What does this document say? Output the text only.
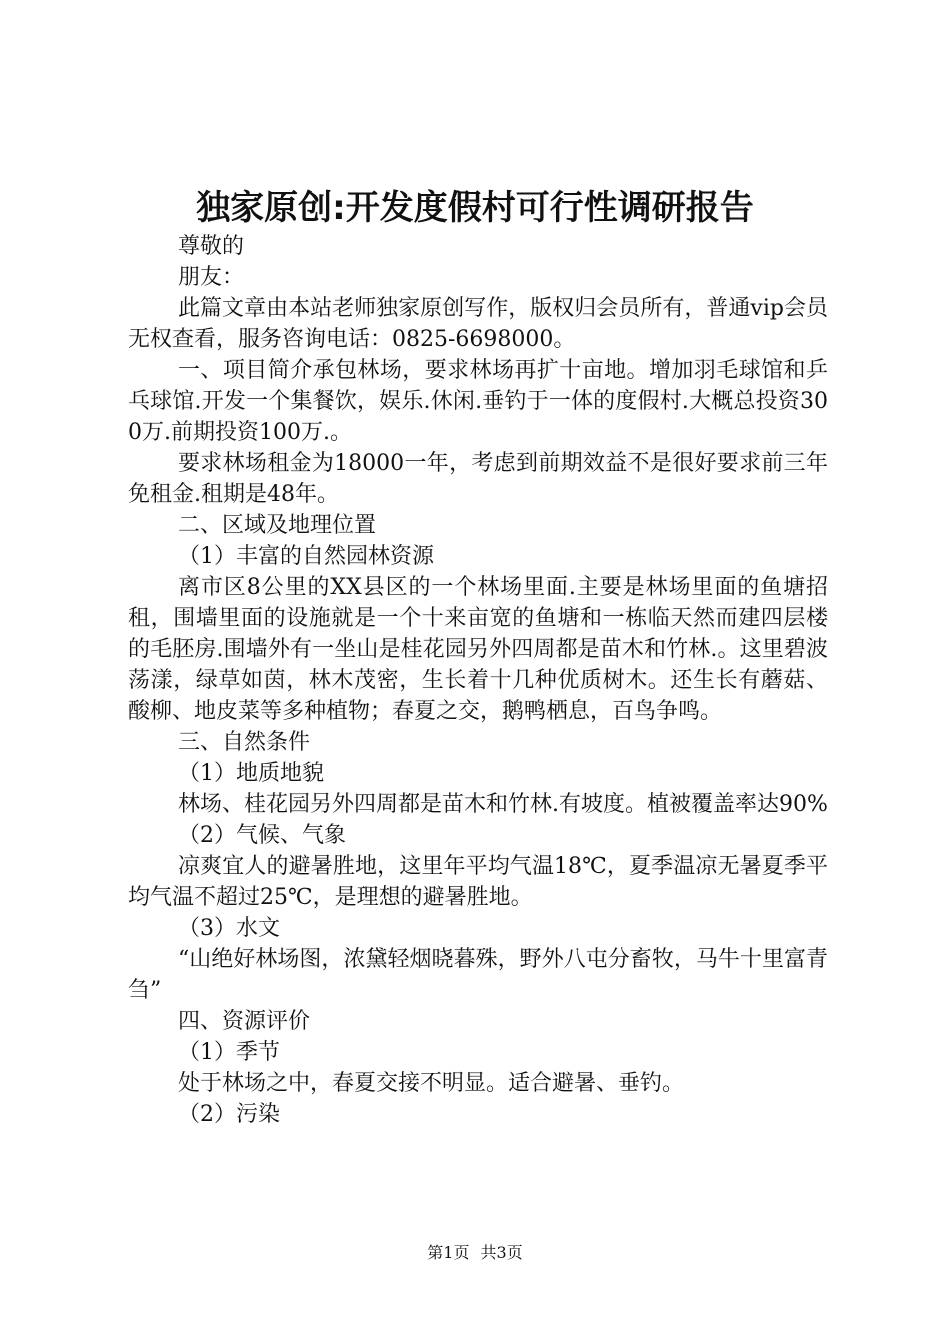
独家原创:开发度假村可行性调研报告

尊敬的

朋友：

此篇文章由本站老师独家原创写作，版权归会员所有，普通vip会员无权查看，服务咨询电话：0825-6698000。

一、项目简介承包林场，要求林场再扩十亩地。增加羽毛球馆和乒乓球馆.开发一个集餐饮，娱乐.休闲.垂钓于一体的度假村.大概总投资300万.前期投资100万.。

要求林场租金为18000一年，考虑到前期效益不是很好要求前三年免租金.租期是48年。

二、区域及地理位置

（1）丰富的自然园林资源

离市区8公里的XX县区的一个林场里面.主要是林场里面的鱼塘招租，围墙里面的设施就是一个十来亩宽的鱼塘和一栋临天然而建四层楼的毛胚房.围墙外有一坐山是桂花园另外四周都是苗木和竹林.。这里碧波荡漾，绿草如茵，林木茂密，生长着十几种优质树木。还生长有蘑菇、酸柳、地皮菜等多种植物；春夏之交，鹅鸭栖息，百鸟争鸣。

三、自然条件

（1）地质地貌

林场、桂花园另外四周都是苗木和竹林.有坡度。植被覆盖率达90%

（2）气候、气象

凉爽宜人的避暑胜地，这里年平均气温18℃，夏季温凉无暑夏季平均气温不超过25℃，是理想的避暑胜地。

（3）水文

“山绝好林场图，浓黛轻烟晓暮殊，野外八屯分畜牧，马牛十里富青刍”

四、资源评价

（1）季节

处于林场之中，春夏交接不明显。适合避暑、垂钓。

（2）污染

第1页 共3页
